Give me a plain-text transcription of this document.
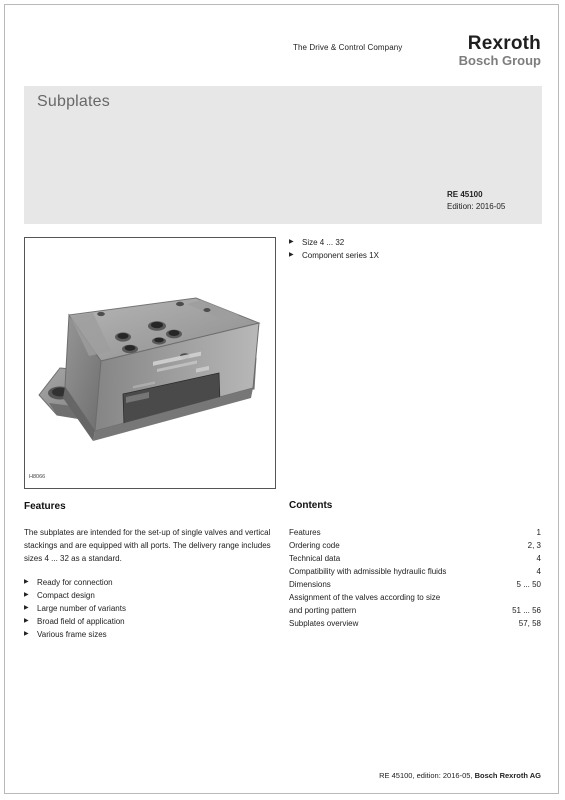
The Drive & Control Company	Rexroth
Bosch Group
Subplates
RE 45100
Edition: 2016-05
H8066
▶ Size 4 ... 32
▶ Component series 1X
Features

The subplates are intended for the set-up of single valves and vertical stackings and are equipped with all ports. The delivery range includes sizes 4 ... 32 as a standard.

▶ Ready for connection
▶ Compact design
▶ Large number of variants
▶ Broad field of application
▶ Various frame sizes
Contents
Features	1
Ordering code	2, 3
Technical data	4
Compatibility with admissible hydraulic fluids	4
Dimensions	5 ... 50
Assignment of the valves according to size
and porting pattern	51 ... 56
Subplates overview	57, 58
RE 45100, edition: 2016-05, Bosch Rexroth AG
